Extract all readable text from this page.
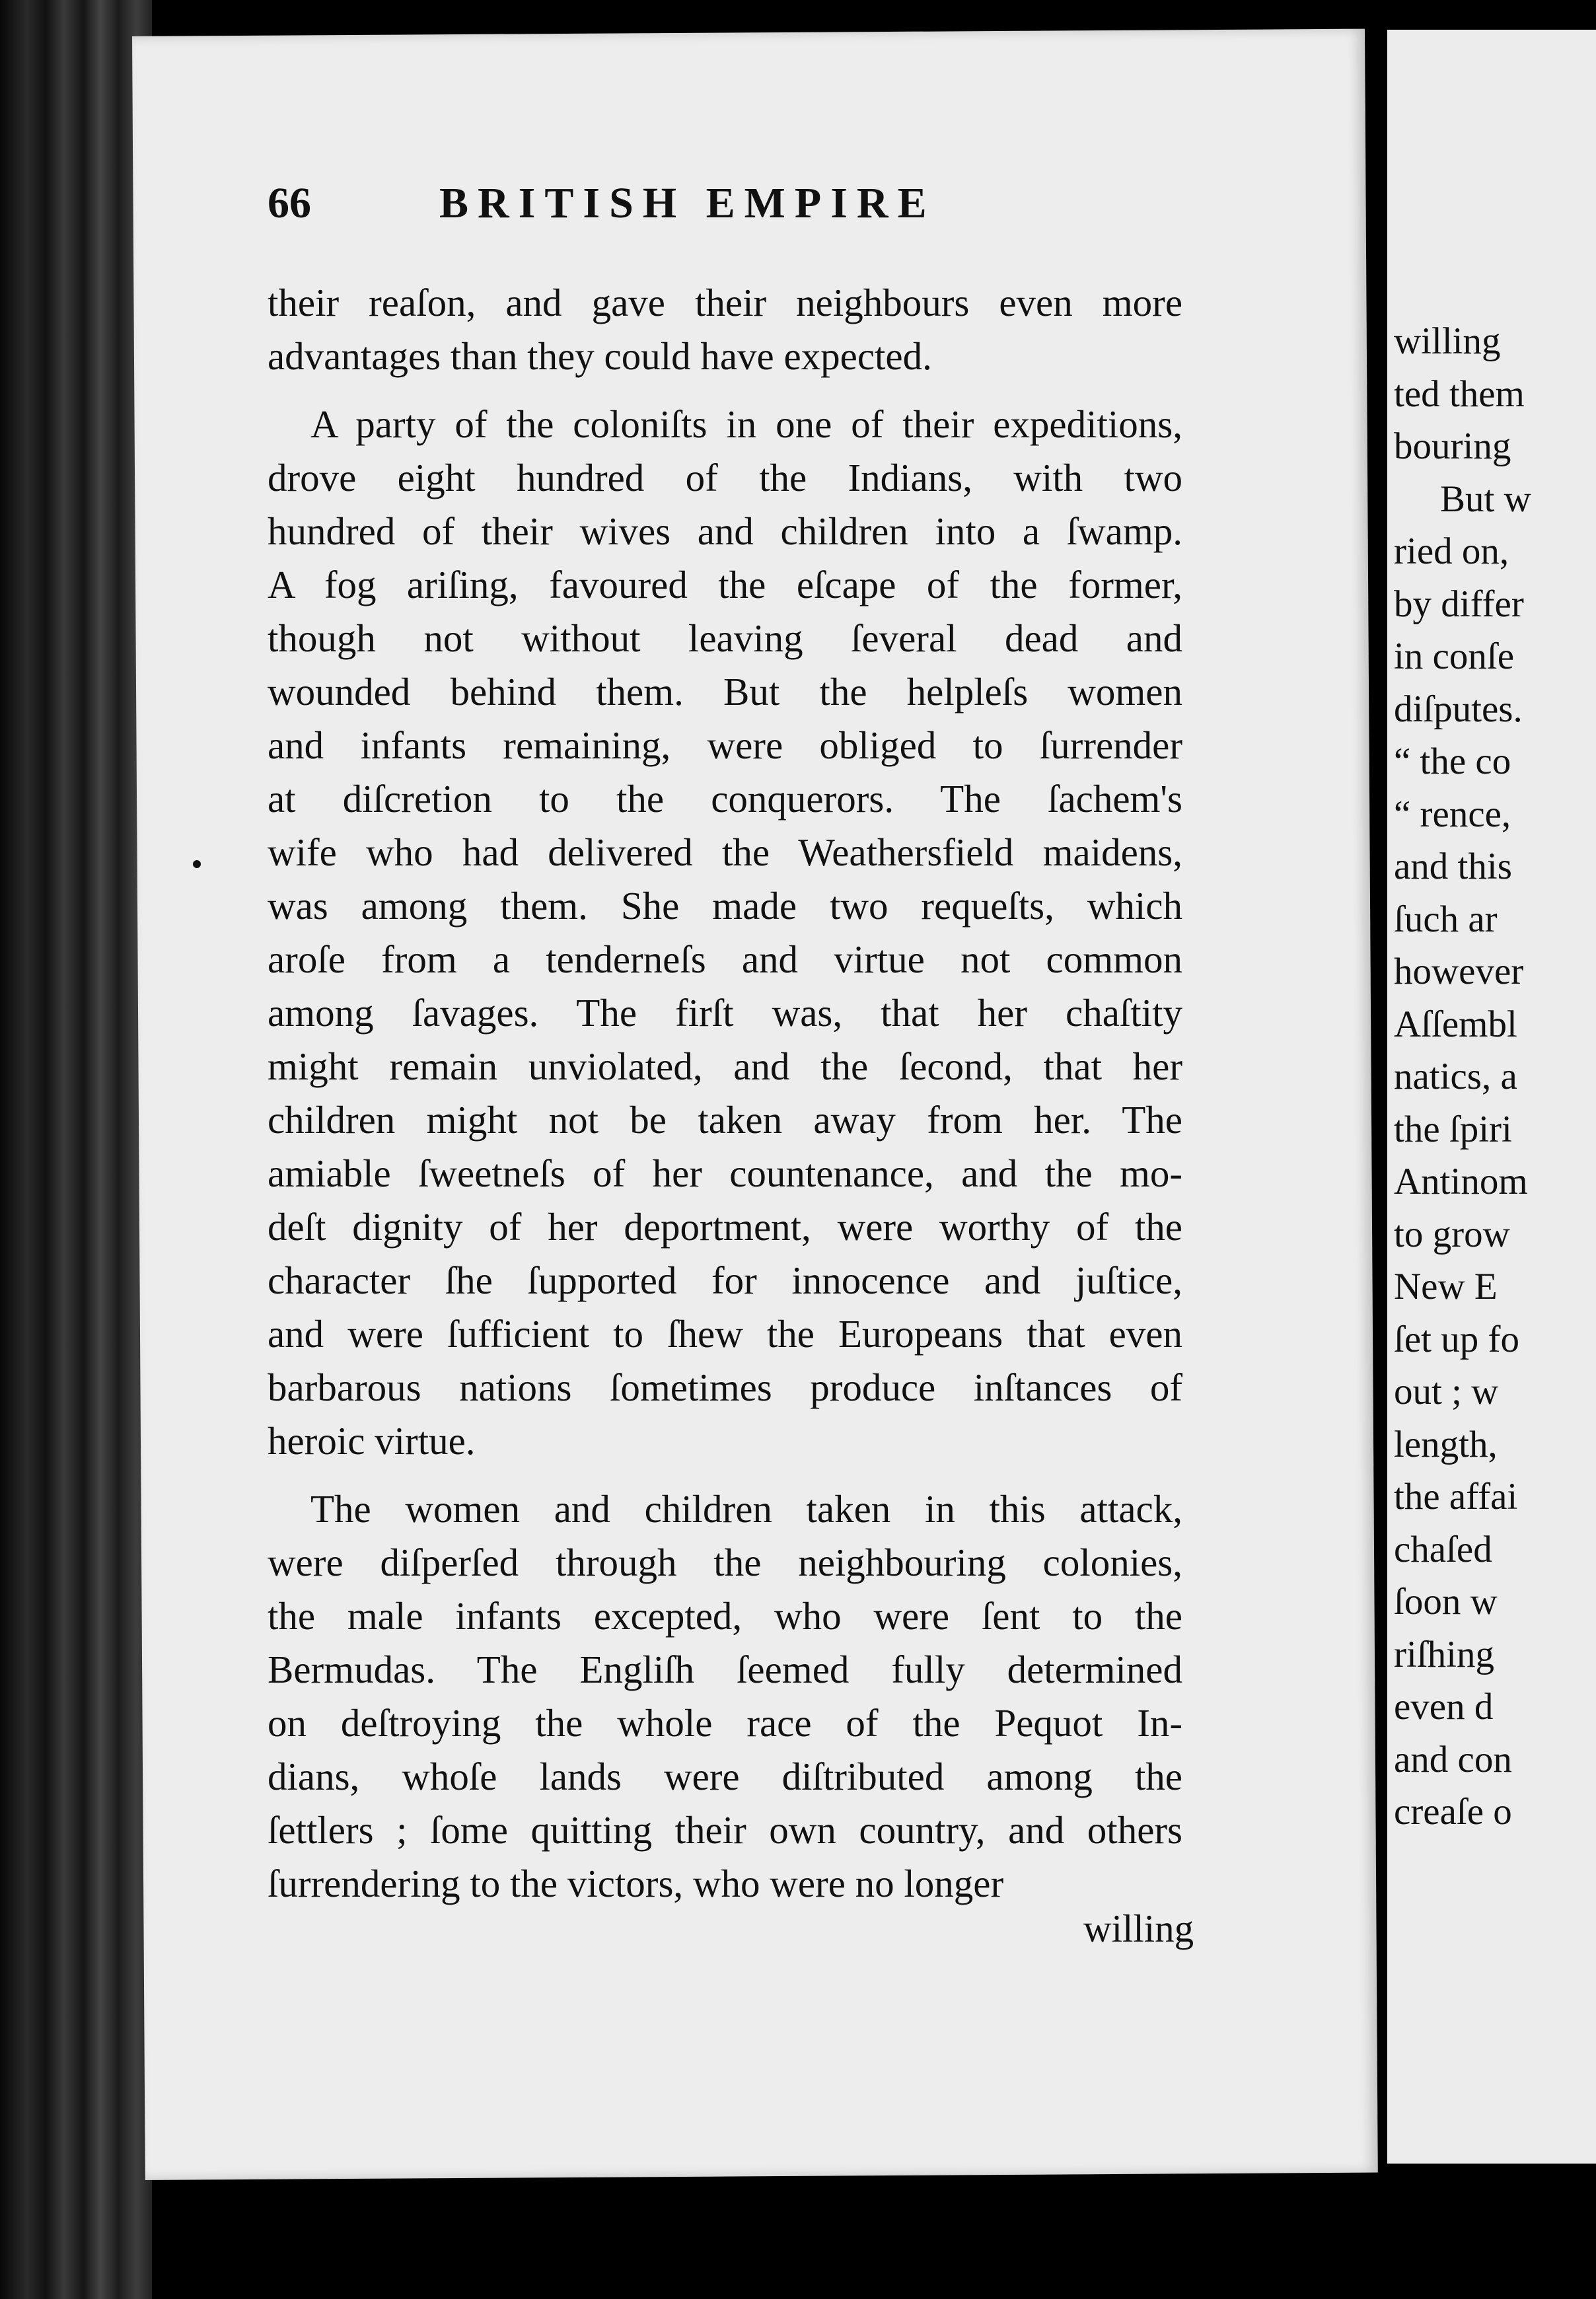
willing
ted them
bouring
But w
ried on,
by differ
in conſe
diſputes.
“ the co
“ rence,
and this
ſuch ar
however
Aſſembl
natics, a
the ſpiri
Antinom
to grow
New E
ſet up fo
out ; w
length,
the affai
chaſed
ſoon w
riſhing
even d
and con
creaſe o
66	BRITISH EMPIRE
their reaſon, and gave their neighbours even more
advantages than they could have expected.
A party of the coloniſts in one of their expeditions,
drove eight hundred of the Indians, with two
hundred of their wives and children into a ſwamp.
A fog ariſing, favoured the eſcape of the former,
though not without leaving ſeveral dead and
wounded behind them. But the helpleſs women
and infants remaining, were obliged to ſurrender
at diſcretion to the conquerors. The ſachem's
wife who had delivered the Weathersfield maidens,
was among them. She made two requeſts, which
aroſe from a tenderneſs and virtue not common
among ſavages. The firſt was, that her chaſtity
might remain unviolated, and the ſecond, that her
children might not be taken away from her. The
amiable ſweetneſs of her countenance, and the mo-
deſt dignity of her deportment, were worthy of the
character ſhe ſupported for innocence and juſtice,
and were ſufficient to ſhew the Europeans that even
barbarous nations ſometimes produce inſtances of
heroic virtue.
The women and children taken in this attack,
were diſperſed through the neighbouring colonies,
the male infants excepted, who were ſent to the
Bermudas. The Engliſh ſeemed fully determined
on deſtroying the whole race of the Pequot In-
dians, whoſe lands were diſtributed among the
ſettlers ; ſome quitting their own country, and others
ſurrendering to the victors, who were no longer
willing
